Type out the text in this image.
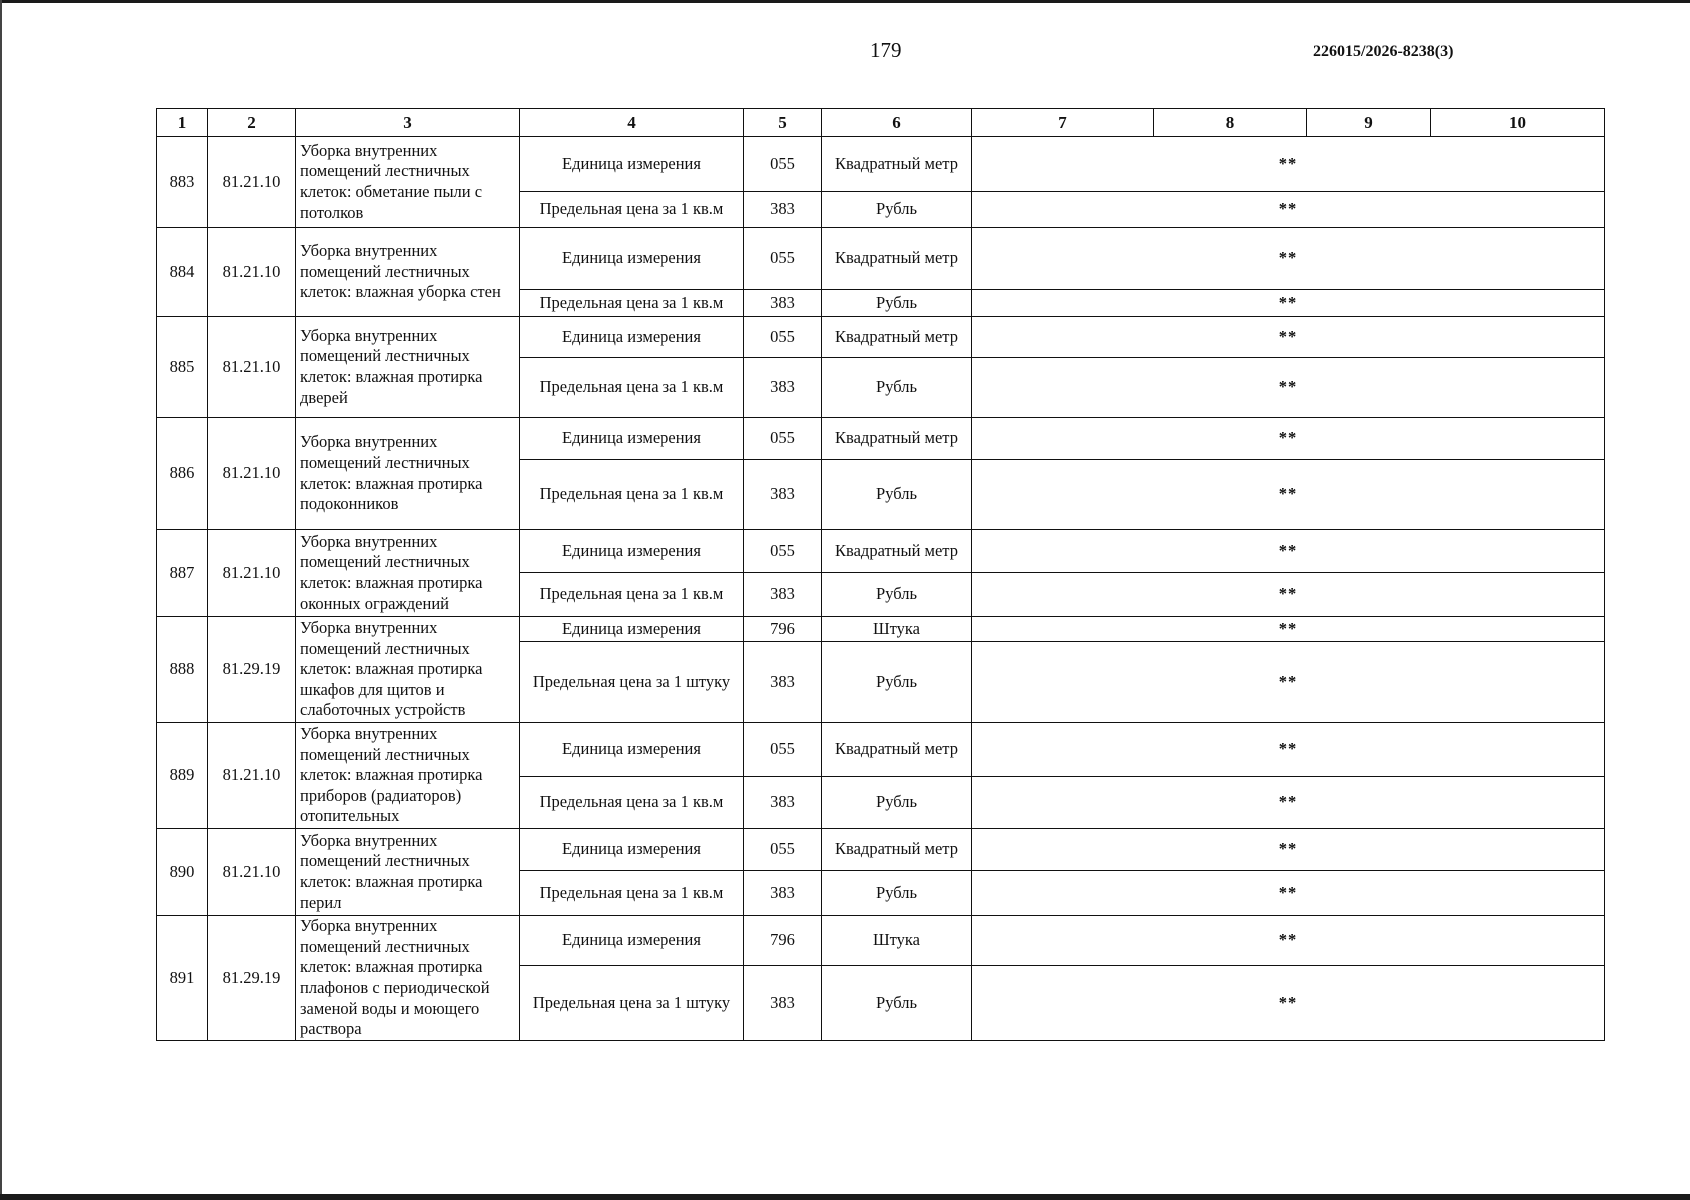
179	226015/2026-8238(3)
1	2	3	4	5	6	7	8	9	10
883	81.21.10	Уборка внутренних помещений лестничных клеток: обметание пыли с потолков	Единица измерения	055	Квадратный метр	**			
			Предельная цена за 1 кв.м	383	Рубль	**			
884	81.21.10	Уборка внутренних помещений лестничных клеток: влажная уборка стен	Единица измерения	055	Квадратный метр	**			
			Предельная цена за 1 кв.м	383	Рубль	**			
885	81.21.10	Уборка внутренних помещений лестничных клеток: влажная протирка дверей	Единица измерения	055	Квадратный метр	**			
			Предельная цена за 1 кв.м	383	Рубль	**			
886	81.21.10	Уборка внутренних помещений лестничных клеток: влажная протирка подоконников	Единица измерения	055	Квадратный метр	**			
			Предельная цена за 1 кв.м	383	Рубль	**			
887	81.21.10	Уборка внутренних помещений лестничных клеток: влажная протирка оконных ограждений	Единица измерения	055	Квадратный метр	**			
			Предельная цена за 1 кв.м	383	Рубль	**			
888	81.29.19	Уборка внутренних помещений лестничных клеток: влажная протирка шкафов для щитов и слаботочных устройств	Единица измерения	796	Штука	**			
			Предельная цена за 1 штуку	383	Рубль	**			
889	81.21.10	Уборка внутренних помещений лестничных клеток: влажная протирка приборов (радиаторов) отопительных	Единица измерения	055	Квадратный метр	**			
			Предельная цена за 1 кв.м	383	Рубль	**			
890	81.21.10	Уборка внутренних помещений лестничных клеток: влажная протирка перил	Единица измерения	055	Квадратный метр	**			
			Предельная цена за 1 кв.м	383	Рубль	**			
891	81.29.19	Уборка внутренних помещений лестничных клеток: влажная протирка плафонов с периодической заменой воды и моющего раствора	Единица измерения	796	Штука	**			
			Предельная цена за 1 штуку	383	Рубль	**			
